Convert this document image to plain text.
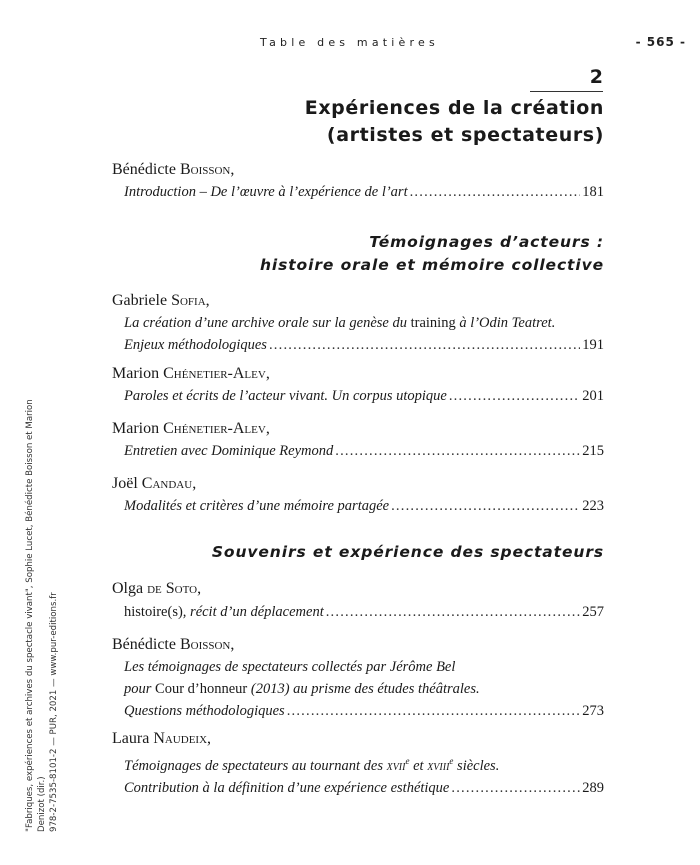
Table des matières	- 565 -
2
Expériences de la création
(artistes et spectateurs)
Bénédicte Boisson,
Introduction – De l’œuvre à l’expérience de l’art .....	181
Témoignages d’acteurs :
histoire orale et mémoire collective
Gabriele Sofia,
La création d’une archive orale sur la genèse du training à l’Odin Teatret.
Enjeux méthodologiques .....	191
Marion Chénetier-Alev,
Paroles et écrits de l’acteur vivant. Un corpus utopique .....	201
Marion Chénetier-Alev,
Entretien avec Dominique Reymond .....	215
Joël Candau,
Modalités et critères d’une mémoire partagée .....	223
Souvenirs et expérience des spectateurs
Olga de Soto,
histoire(s), récit d’un déplacement .....	257
Bénédicte Boisson,
Les témoignages de spectateurs collectés par Jérôme Bel
pour Cour d’honneur (2013) au prisme des études théâtrales.
Questions méthodologiques .....	273
Laura Naudeix,
Témoignages de spectateurs au tournant des xvii$^e$ et xviii$^e$ siècles.
Contribution à la définition d’une expérience esthétique .....	289
"Fabriques, expériences et archives du spectacle vivant", Sophie Lucet, Bénédicte Boisson et Marion Denizot (dir.) 978-2-7535-8101-2 — PUR, 2021 — www.pur-editions.fr
